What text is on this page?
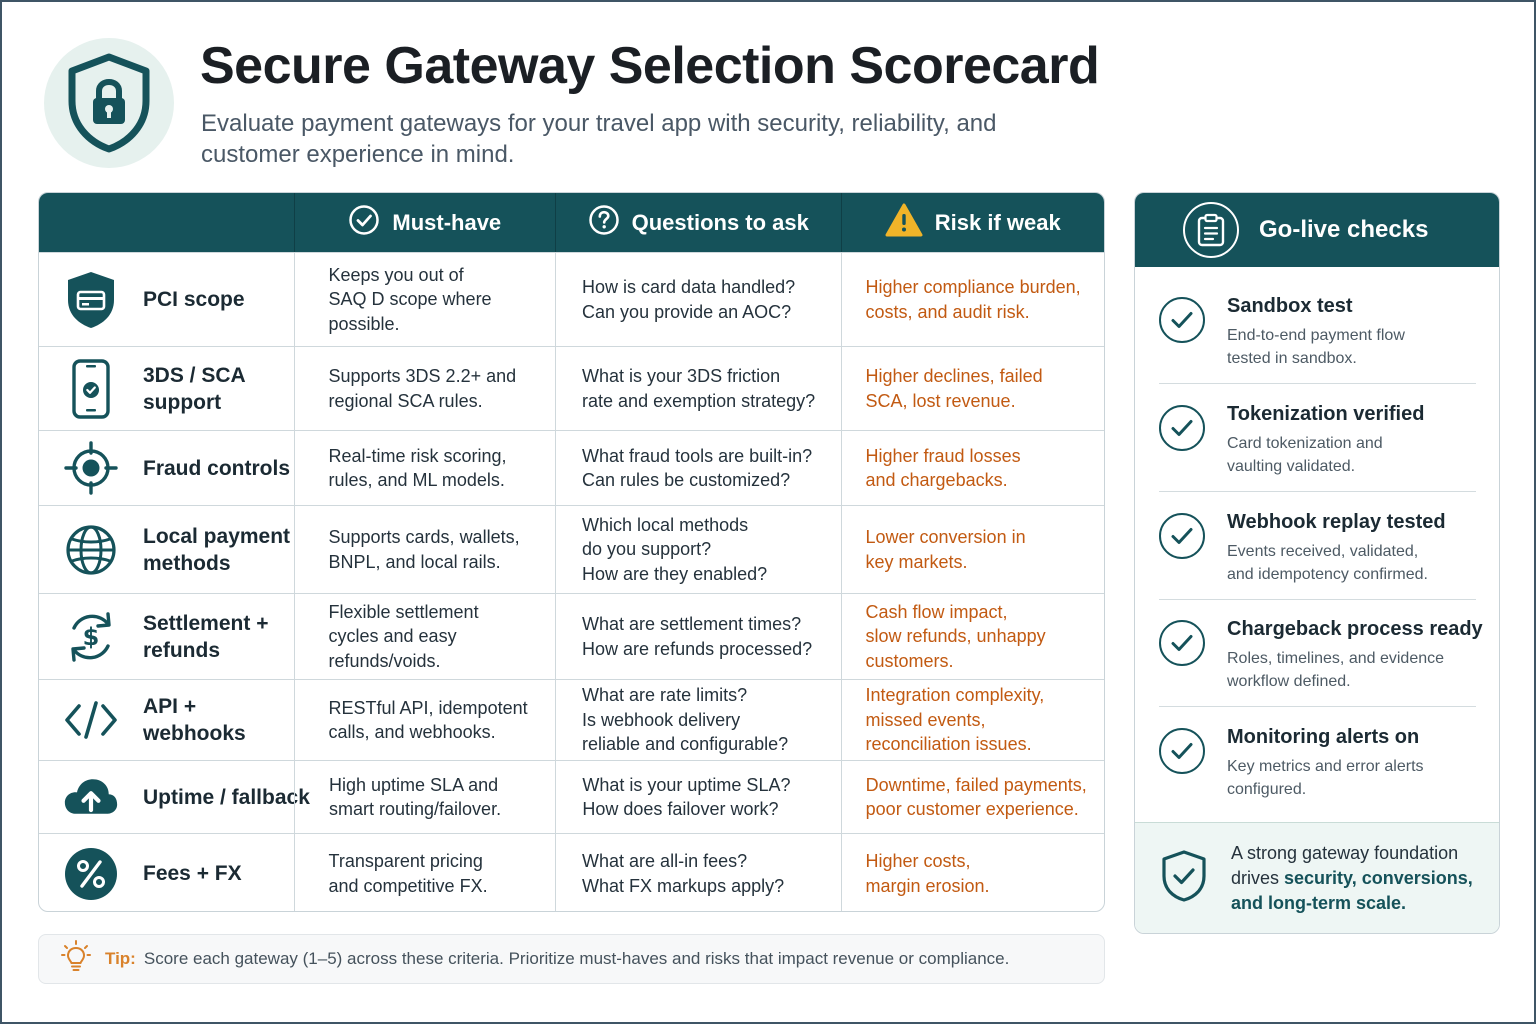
Secure Gateway Selection Scorecard
Evaluate payment gateways for your travel app with security, reliability, and customer experience in mind.
Must-have	Questions to ask	Risk if weak
PCI scope
Keeps you out of
SAQ D scope where
possible.
How is card data handled?
Can you provide an AOC?
Higher compliance burden,
costs, and audit risk.
3DS / SCA
support
Supports 3DS 2.2+ and
regional SCA rules.
What is your 3DS friction
rate and exemption strategy?
Higher declines, failed
SCA, lost revenue.
Fraud controls
Real-time risk scoring,
rules, and ML models.
What fraud tools are built-in?
Can rules be customized?
Higher fraud losses
and chargebacks.
Local payment
methods
Supports cards, wallets,
BNPL, and local rails.
Which local methods
do you support?
How are they enabled?
Lower conversion in
key markets.
$ Settlement +
refunds
Flexible settlement
cycles and easy
refunds/voids.
What are settlement times?
How are refunds processed?
Cash flow impact,
slow refunds, unhappy
customers.
API + webhooks
RESTful API, idempotent
calls, and webhooks.
What are rate limits?
Is webhook delivery
reliable and configurable?
Integration complexity,
missed events,
reconciliation issues.
Uptime / fallback
High uptime SLA and
smart routing/failover.
What is your uptime SLA?
How does failover work?
Downtime, failed payments,
poor customer experience.
Fees + FX
Transparent pricing
and competitive FX.
What are all-in fees?
What FX markups apply?
Higher costs,
margin erosion.
Tip: Score each gateway (1–5) across these criteria. Prioritize must-haves and risks that impact revenue or compliance.
Go-live checks
Sandbox test
End-to-end payment flow
tested in sandbox.
Tokenization verified
Card tokenization and
vaulting validated.
Webhook replay tested
Events received, validated,
and idempotency confirmed.
Chargeback process ready
Roles, timelines, and evidence
workflow defined.
Monitoring alerts on
Key metrics and error alerts
configured.
A strong gateway foundation drives security, conversions, and long-term scale.
